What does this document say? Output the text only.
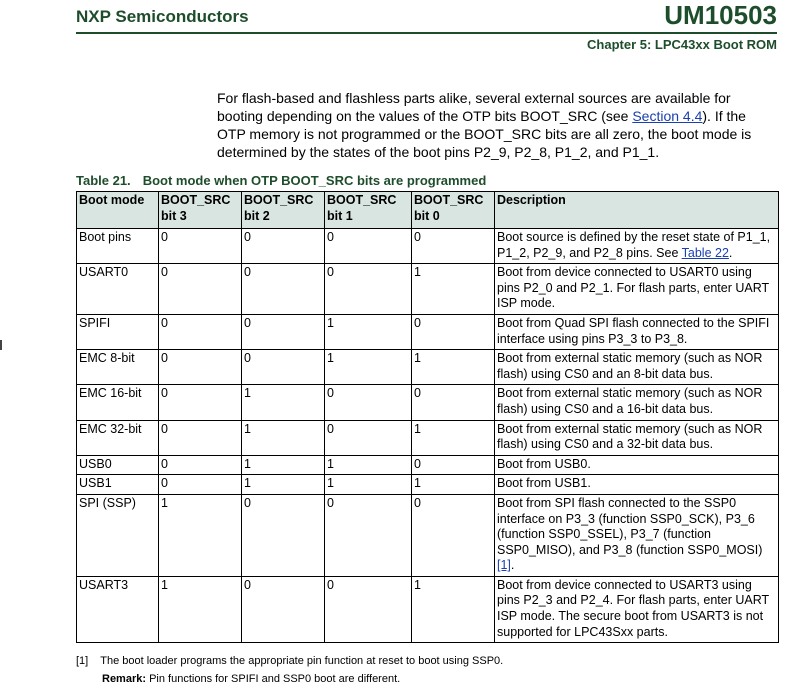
NXP Semiconductors	UM10503
Chapter 5: LPC43xx Boot ROM
For flash-based and flashless parts alike, several external sources are available for booting depending on the values of the OTP bits BOOT_SRC (see Section 4.4). If the OTP memory is not programmed or the BOOT_SRC bits are all zero, the boot mode is determined by the states of the boot pins P2_9, P2_8, P1_2, and P1_1.
Table 21. Boot mode when OTP BOOT_SRC bits are programmed
Boot mode	BOOT_SRC bit 3	BOOT_SRC bit 2	BOOT_SRC bit 1	BOOT_SRC bit 0	Description
Boot pins	0	0	0	0	Boot source is defined by the reset state of P1_1, P1_2, P2_9, and P2_8 pins. See Table 22.
USART0	0	0	0	1	Boot from device connected to USART0 using pins P2_0 and P2_1. For flash parts, enter UART ISP mode.
SPIFI	0	0	1	0	Boot from Quad SPI flash connected to the SPIFI interface using pins P3_3 to P3_8.
EMC 8-bit	0	0	1	1	Boot from external static memory (such as NOR flash) using CS0 and an 8-bit data bus.
EMC 16-bit	0	1	0	0	Boot from external static memory (such as NOR flash) using CS0 and a 16-bit data bus.
EMC 32-bit	0	1	0	1	Boot from external static memory (such as NOR flash) using CS0 and a 32-bit data bus.
USB0	0	1	1	0	Boot from USB0.
USB1	0	1	1	1	Boot from USB1.
SPI (SSP)	1	0	0	0	Boot from SPI flash connected to the SSP0 interface on P3_3 (function SSP0_SCK), P3_6 (function SSP0_SSEL), P3_7 (function SSP0_MISO), and P3_8 (function SSP0_MOSI)[1].
USART3	1	0	0	1	Boot from device connected to USART3 using pins P2_3 and P2_4. For flash parts, enter UART ISP mode. The secure boot from USART3 is not supported for LPC43Sxx parts.
[1] The boot loader programs the appropriate pin function at reset to boot using SSP0.
Remark: Pin functions for SPIFI and SSP0 boot are different.
